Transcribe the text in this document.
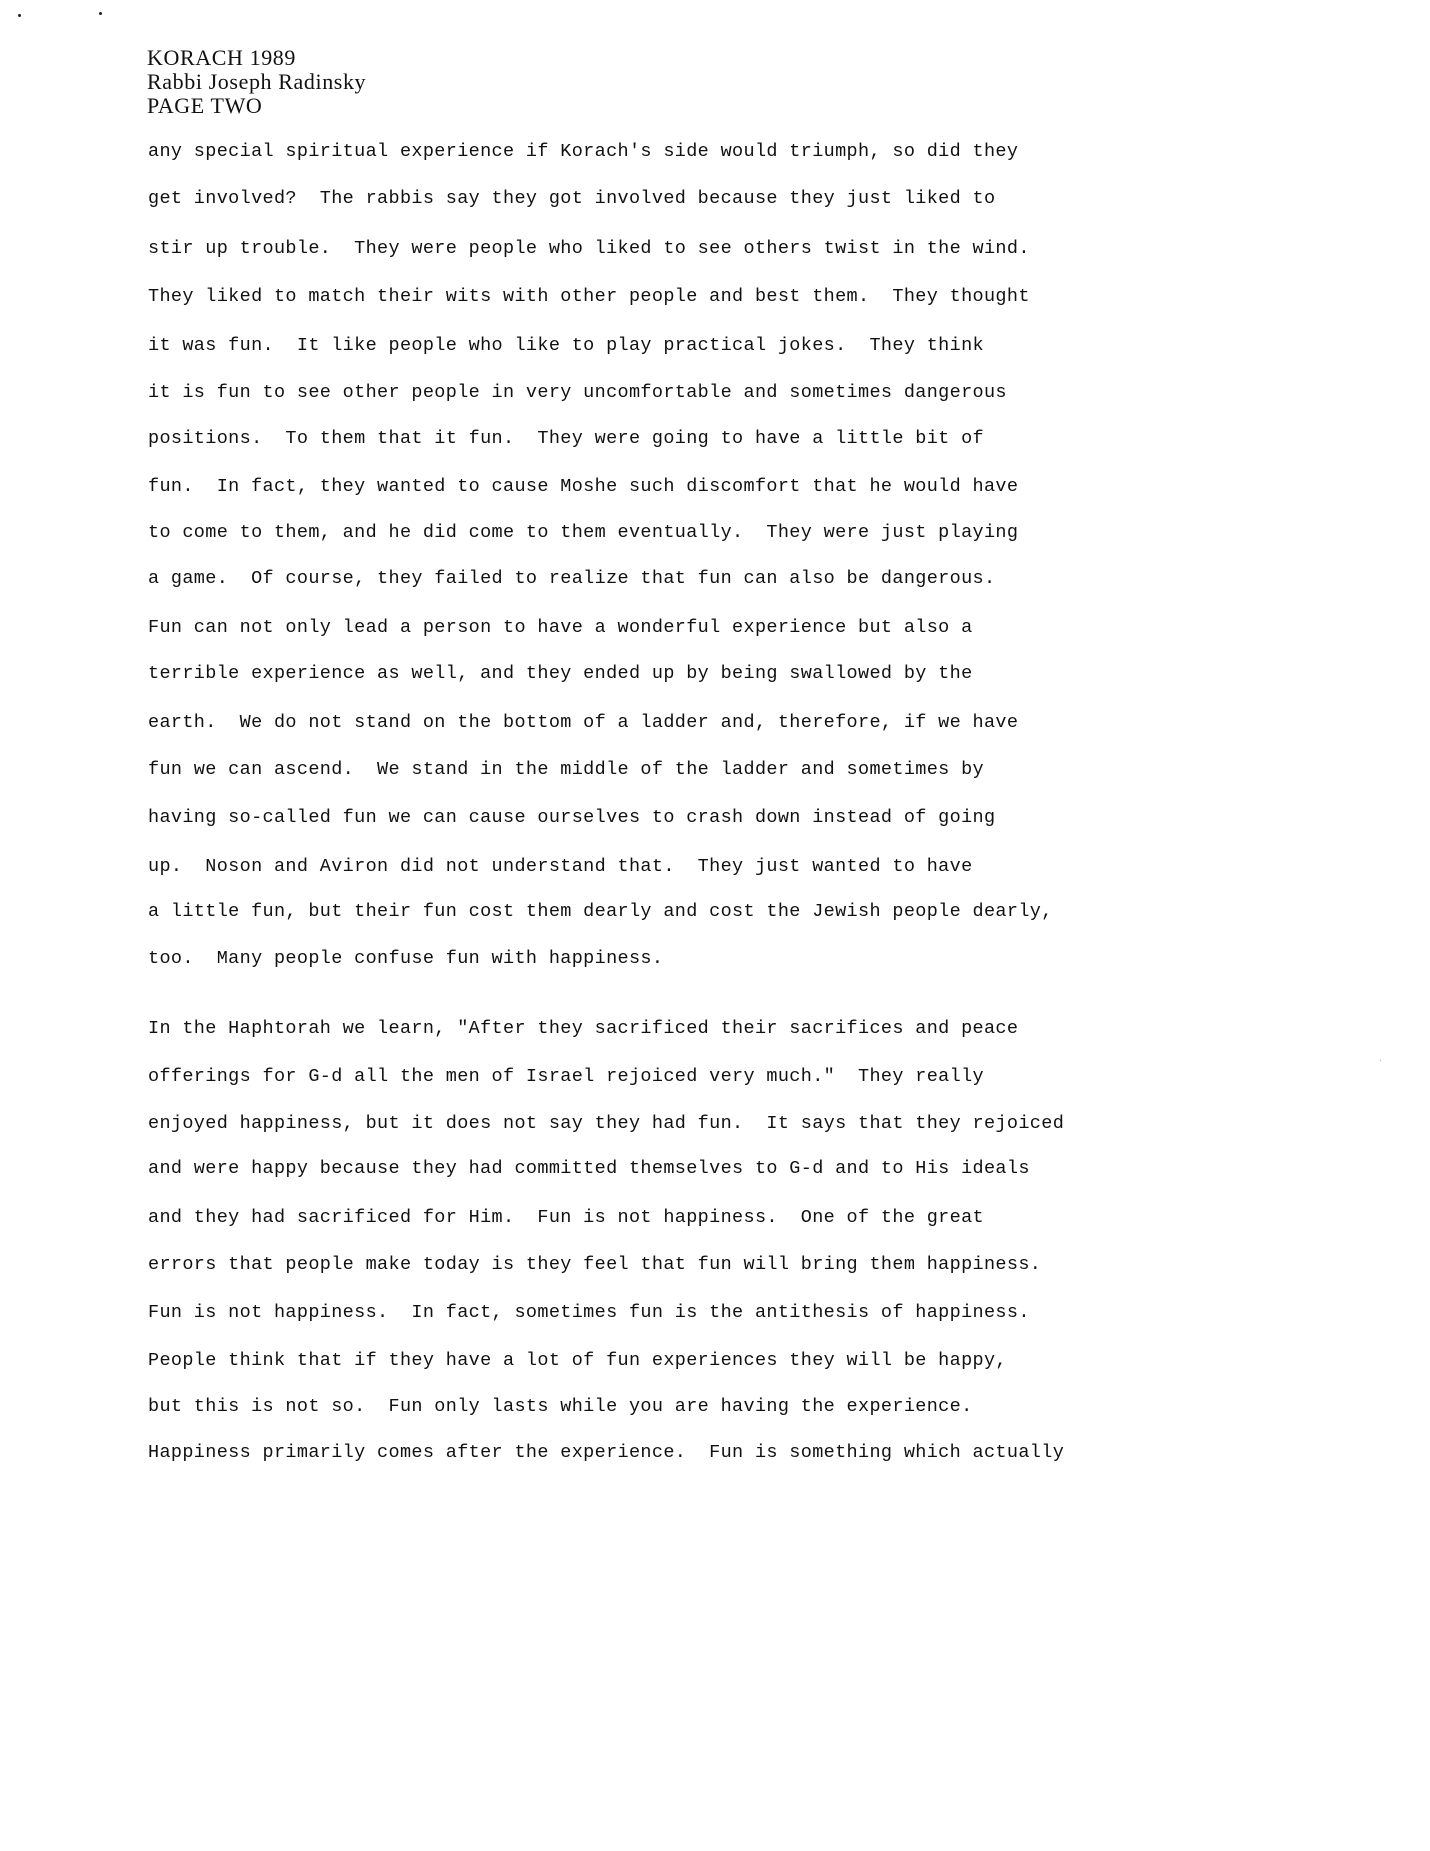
KORACH 1989
Rabbi Joseph Radinsky
PAGE TWO
any special spiritual experience if Korach's side would triumph, so did they
get involved?  The rabbis say they got involved because they just liked to
stir up trouble.  They were people who liked to see others twist in the wind.
They liked to match their wits with other people and best them.  They thought
it was fun.  It like people who like to play practical jokes.  They think
it is fun to see other people in very uncomfortable and sometimes dangerous
positions.  To them that it fun.  They were going to have a little bit of
fun.  In fact, they wanted to cause Moshe such discomfort that he would have
to come to them, and he did come to them eventually.  They were just playing
a game.  Of course, they failed to realize that fun can also be dangerous.
Fun can not only lead a person to have a wonderful experience but also a
terrible experience as well, and they ended up by being swallowed by the
earth.  We do not stand on the bottom of a ladder and, therefore, if we have
fun we can ascend.  We stand in the middle of the ladder and sometimes by
having so-called fun we can cause ourselves to crash down instead of going
up.  Noson and Aviron did not understand that.  They just wanted to have
a little fun, but their fun cost them dearly and cost the Jewish people dearly,
too.  Many people confuse fun with happiness.
In the Haphtorah we learn, "After they sacrificed their sacrifices and peace
offerings for G-d all the men of Israel rejoiced very much."  They really
enjoyed happiness, but it does not say they had fun.  It says that they rejoiced
and were happy because they had committed themselves to G-d and to His ideals
and they had sacrificed for Him.  Fun is not happiness.  One of the great
errors that people make today is they feel that fun will bring them happiness.
Fun is not happiness.  In fact, sometimes fun is the antithesis of happiness.
People think that if they have a lot of fun experiences they will be happy,
but this is not so.  Fun only lasts while you are having the experience.
Happiness primarily comes after the experience.  Fun is something which actually
